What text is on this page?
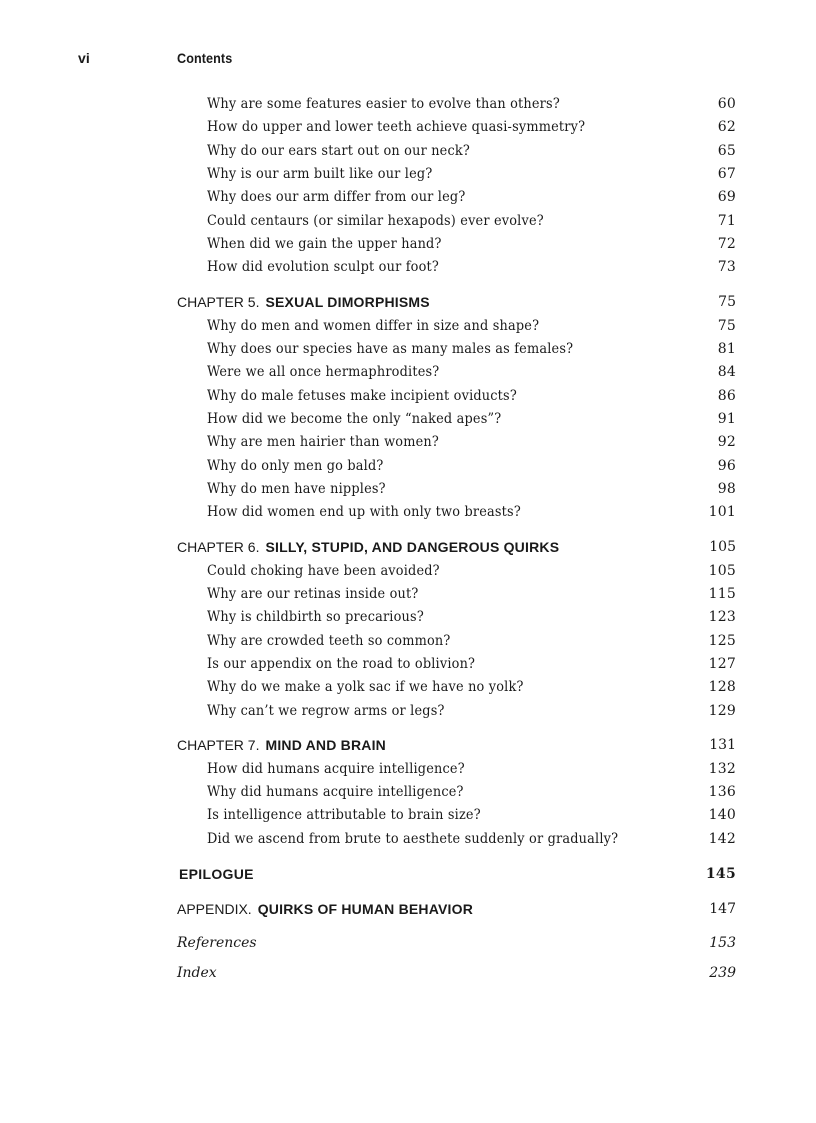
vi	Contents
Why are some features easier to evolve than others?	60
How do upper and lower teeth achieve quasi-symmetry?	62
Why do our ears start out on our neck?	65
Why is our arm built like our leg?	67
Why does our arm differ from our leg?	69
Could centaurs (or similar hexapods) ever evolve?	71
When did we gain the upper hand?	72
How did evolution sculpt our foot?	73
CHAPTER 5. SEXUAL DIMORPHISMS	75
Why do men and women differ in size and shape?	75
Why does our species have as many males as females?	81
Were we all once hermaphrodites?	84
Why do male fetuses make incipient oviducts?	86
How did we become the only “naked apes”?	91
Why are men hairier than women?	92
Why do only men go bald?	96
Why do men have nipples?	98
How did women end up with only two breasts?	101
CHAPTER 6. SILLY, STUPID, AND DANGEROUS QUIRKS	105
Could choking have been avoided?	105
Why are our retinas inside out?	115
Why is childbirth so precarious?	123
Why are crowded teeth so common?	125
Is our appendix on the road to oblivion?	127
Why do we make a yolk sac if we have no yolk?	128
Why can’t we regrow arms or legs?	129
CHAPTER 7. MIND AND BRAIN	131
How did humans acquire intelligence?	132
Why did humans acquire intelligence?	136
Is intelligence attributable to brain size?	140
Did we ascend from brute to aesthete suddenly or gradually?	142
EPILOGUE	145
APPENDIX. QUIRKS OF HUMAN BEHAVIOR	147
References	153
Index	239
